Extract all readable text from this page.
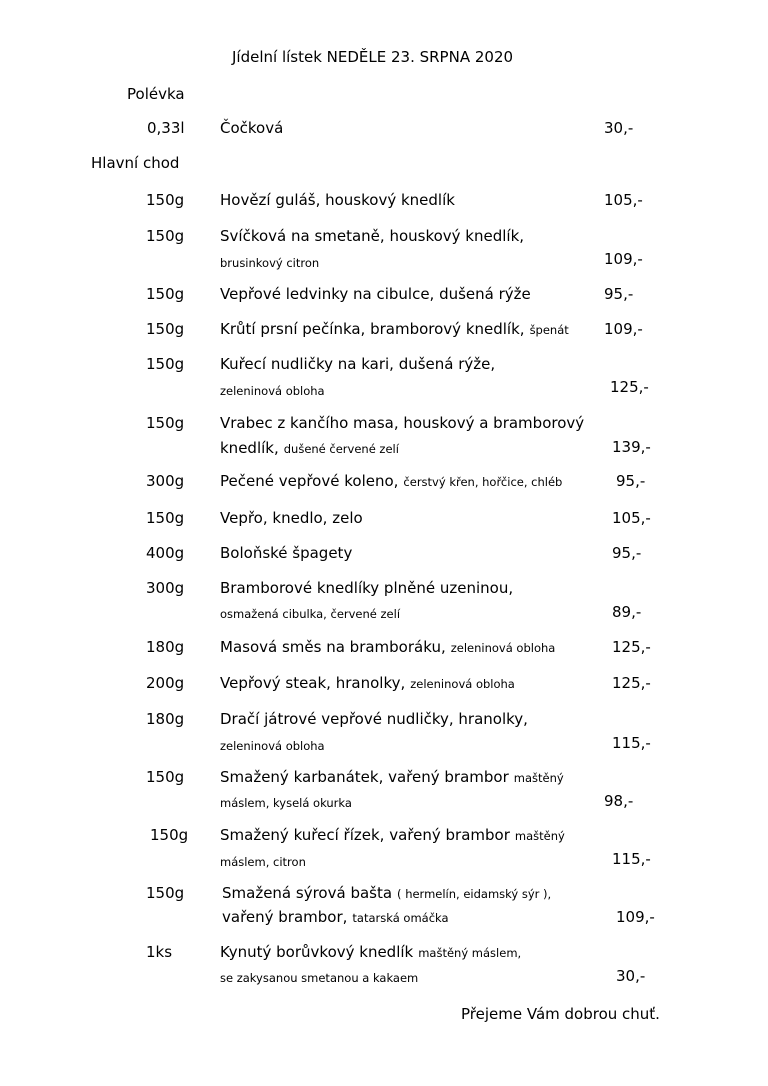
Jídelní lístek NEDĚLE 23. SRPNA 2020
Polévka
0,33l Čočková	30,-
Hlavní chod
150g Hovězí guláš, houskový knedlík	105,-
150g Svíčková na smetaně, houskový knedlík,
brusinkový citron	109,-
150g Vepřové ledvinky na cibulce, dušená rýže	95,-
150g Krůtí prsní pečínka, bramborový knedlík, špenát 109,-
150g Kuřecí nudličky na kari, dušená rýže,
zeleninová obloha	125,-
150g Vrabec z kančího masa, houskový a bramborový
knedlík, dušené červené zelí	139,-
300g Pečené vepřové koleno, čerstvý křen, hořčice, chléb	95,-
150g Vepřo, knedlo, zelo	105,-
400g Boloňské špagety	95,-
300g Bramborové knedlíky plněné uzeninou,
osmažená cibulka, červené zelí	89,-
180g Masová směs na bramboráku, zeleninová obloha	125,-
200g Vepřový steak, hranolky, zeleninová obloha	125,-
180g Dračí játrové vepřové nudličky, hranolky,
zeleninová obloha	115,-
150g Smažený karbanátek, vařený brambor maštěný
máslem, kyselá okurka	98,-
150g Smažený kuřecí řízek, vařený brambor maštěný
máslem, citron	115,-
150g	Smažená sýrová bašta ( hermelín, eidamský sýr ),
vařený brambor, tatarská omáčka	109,-
1ks	Kynutý borůvkový knedlík maštěný máslem,
se zakysanou smetanou a kakaem	30,-
Přejeme Vám dobrou chuť.
